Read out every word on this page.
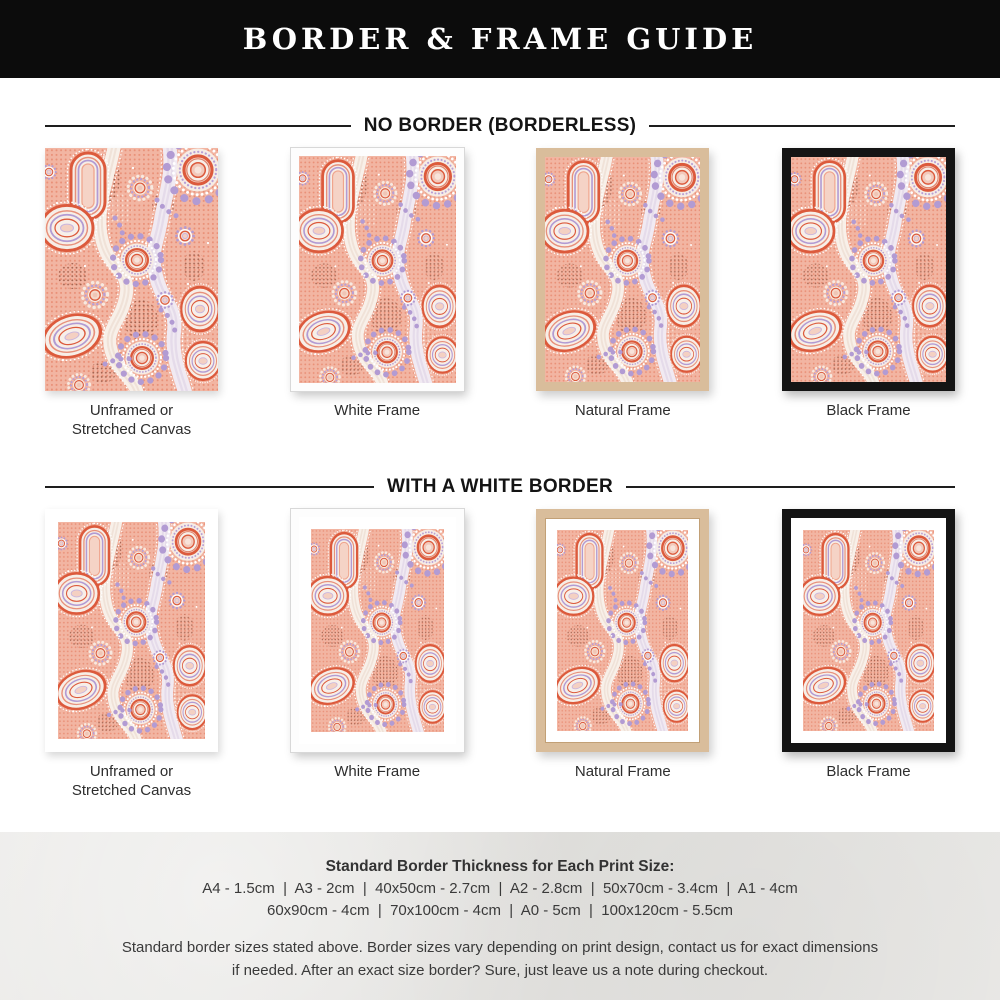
BORDER & FRAME GUIDE
NO BORDER (BORDERLESS)
Unframed or Stretched Canvas
White Frame	Natural Frame	Black Frame
WITH A WHITE BORDER
Unframed or Stretched Canvas
White Frame	Natural Frame	Black Frame
Standard Border Thickness for Each Print Size:
A4 - 1.5cm  |  A3 - 2cm  |  40x50cm - 2.7cm  |  A2 - 2.8cm  |  50x70cm - 3.4cm  |  A1 - 4cm
60x90cm - 4cm  |  70x100cm - 4cm  |  A0 - 5cm  |  100x120cm - 5.5cm
Standard border sizes stated above. Border sizes vary depending on print design, contact us for exact dimensions if needed. After an exact size border? Sure, just leave us a note during checkout.
